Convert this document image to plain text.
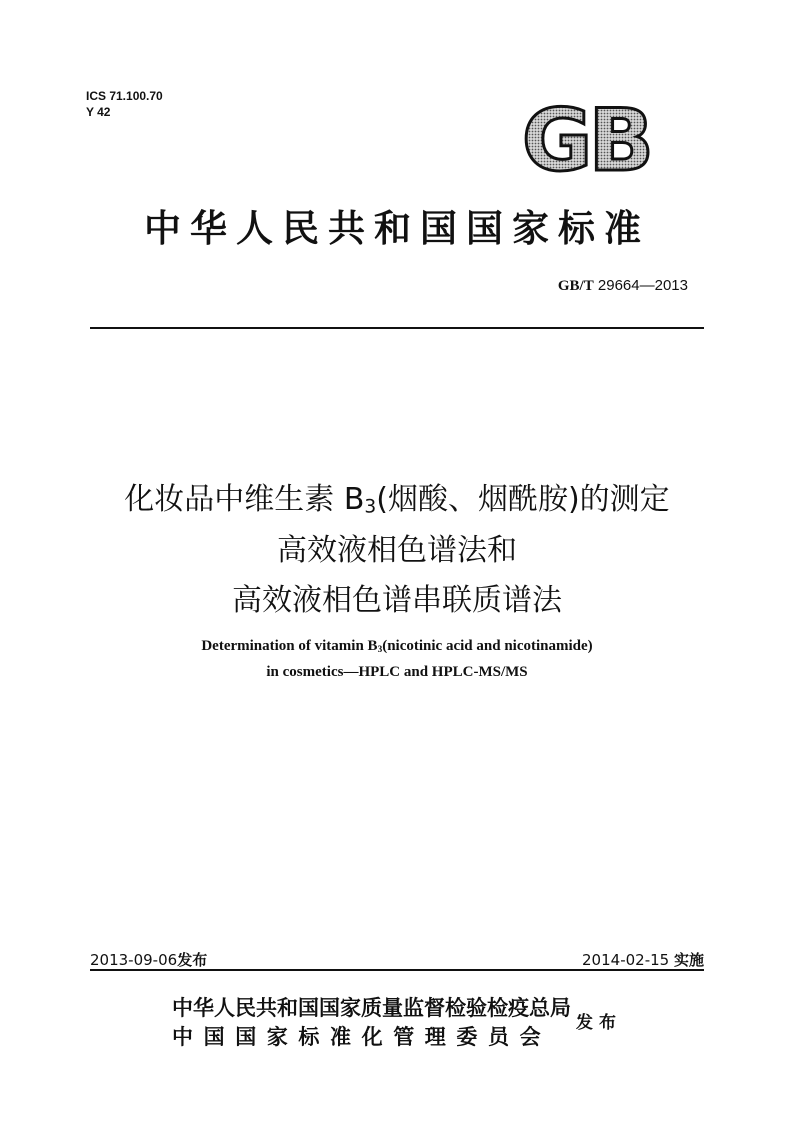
ICS 71.100.70
Y 42	GB
中华人民共和国国家标准
GB/T 29664—2013
化妆品中维生素 $B_3$(烟酸、烟酰胺)的测定
高效液相色谱法和
高效液相色谱串联质谱法
Determination of vitamin $B_3(nicotinic$ acid and nicotinamide)
in cosmetics—HPLC and HPLC-MS/MS
2013-09-06发布	2014-02-15 实施
中华人民共和国国家质量监督检验检疫总局
中国国家标准化管理委员会
发布
